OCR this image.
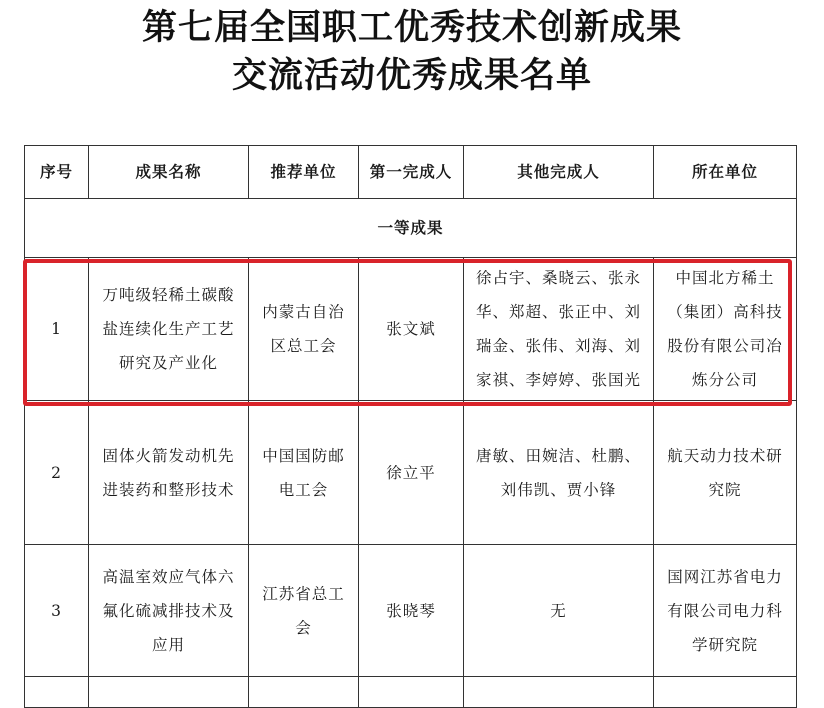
第七届全国职工优秀技术创新成果
交流活动优秀成果名单
序号	成果名称	推荐单位	第一完成人	其他完成人	所在单位
一等成果					
1	万吨级轻稀土碳酸盐连续化生产工艺研究及产业化	内蒙古自治区总工会	张文斌	徐占宇、桑晓云、张永华、郑超、张正中、刘瑞金、张伟、刘海、刘家祺、李婷婷、张国光	中国北方稀土（集团）高科技股份有限公司冶炼分公司
2	固体火箭发动机先进装药和整形技术	中国国防邮电工会	徐立平	唐敏、田婉洁、杜鹏、刘伟凯、贾小锋	航天动力技术研究院
3	高温室效应气体六氟化硫减排技术及应用	江苏省总工会	张晓琴	无	国网江苏省电力有限公司电力科学研究院
